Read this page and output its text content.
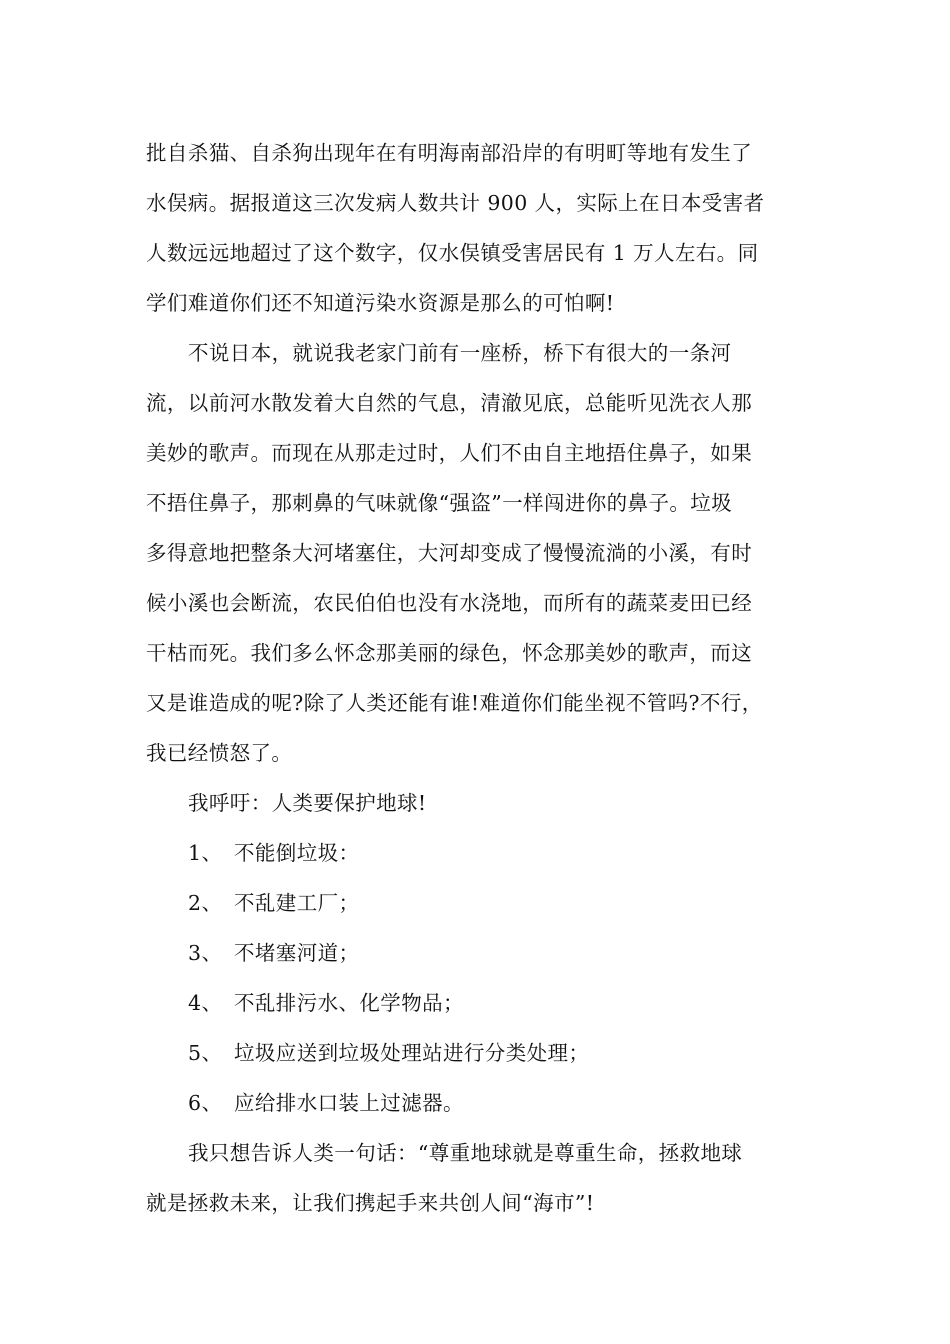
批自杀猫、自杀狗出现年在有明海南部沿岸的有明町等地有发生了
水俣病。据报道这三次发病人数共计 900 人，实际上在日本受害者
人数远远地超过了这个数字，仅水俣镇受害居民有 1 万人左右。同
学们难道你们还不知道污染水资源是那么的可怕啊!
不说日本，就说我老家门前有一座桥，桥下有很大的一条河
流，以前河水散发着大自然的气息，清澈见底，总能听见洗衣人那
美妙的歌声。而现在从那走过时，人们不由自主地捂住鼻子，如果
不捂住鼻子，那刺鼻的气味就像“强盗”一样闯进你的鼻子。垃圾
多得意地把整条大河堵塞住，大河却变成了慢慢流淌的小溪，有时
候小溪也会断流，农民伯伯也没有水浇地，而所有的蔬菜麦田已经
干枯而死。我们多么怀念那美丽的绿色，怀念那美妙的歌声，而这
又是谁造成的呢?除了人类还能有谁!难道你们能坐视不管吗?不行，
我已经愤怒了。
我呼吁：人类要保护地球!
1、 不能倒垃圾：
2、 不乱建工厂；
3、 不堵塞河道；
4、 不乱排污水、化学物品；
5、 垃圾应送到垃圾处理站进行分类处理；
6、 应给排水口装上过滤器。
我只想告诉人类一句话：“尊重地球就是尊重生命，拯救地球
就是拯救未来，让我们携起手来共创人间“海市”!
